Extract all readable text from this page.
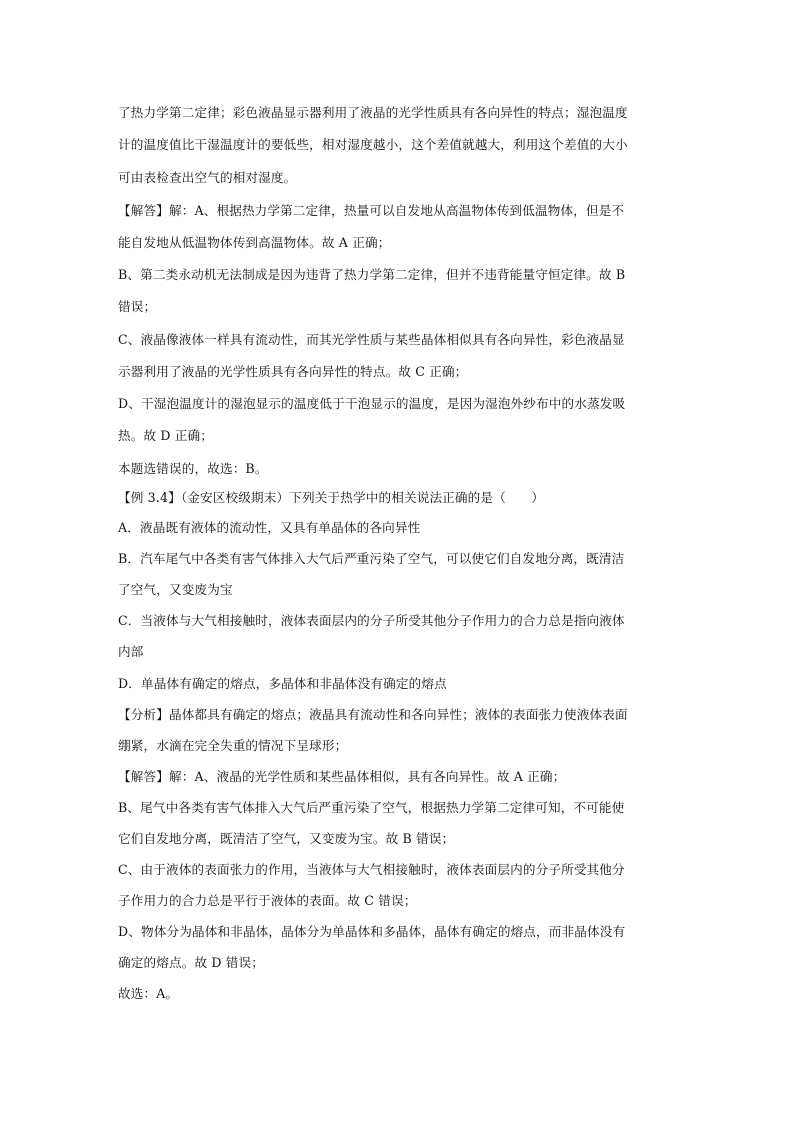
了热力学第二定律；彩色液晶显示器利用了液晶的光学性质具有各向异性的特点；湿泡温度
计的温度值比干湿温度计的要低些，相对湿度越小，这个差值就越大，利用这个差值的大小
可由表检查出空气的相对湿度。
【解答】解：A、根据热力学第二定律，热量可以自发地从高温物体传到低温物体，但是不
能自发地从低温物体传到高温物体。故 A 正确；
B、第二类永动机无法制成是因为违背了热力学第二定律，但并不违背能量守恒定律。故 B
错误；
C、液晶像液体一样具有流动性，而其光学性质与某些晶体相似具有各向异性，彩色液晶显
示器利用了液晶的光学性质具有各向异性的特点。故 C 正确；
D、干湿泡温度计的湿泡显示的温度低于干泡显示的温度，是因为湿泡外纱布中的水蒸发吸
热。故 D 正确；
本题选错误的，故选：B。
【例 3.4】（金安区校级期末）下列关于热学中的相关说法正确的是（　　）
A．液晶既有液体的流动性，又具有单晶体的各向异性
B．汽车尾气中各类有害气体排入大气后严重污染了空气，可以使它们自发地分离，既清洁
了空气，又变废为宝
C．当液体与大气相接触时，液体表面层内的分子所受其他分子作用力的合力总是指向液体
内部
D．单晶体有确定的熔点，多晶体和非晶体没有确定的熔点
【分析】晶体都具有确定的熔点；液晶具有流动性和各向异性；液体的表面张力使液体表面
绷紧，水滴在完全失重的情况下呈球形；
【解答】解：A、液晶的光学性质和某些晶体相似，具有各向异性。故 A 正确；
B、尾气中各类有害气体排入大气后严重污染了空气，根据热力学第二定律可知，不可能使
它们自发地分离，既清洁了空气，又变废为宝。故 B 错误；
C、由于液体的表面张力的作用，当液体与大气相接触时，液体表面层内的分子所受其他分
子作用力的合力总是平行于液体的表面。故 C 错误；
D、物体分为晶体和非晶体，晶体分为单晶体和多晶体，晶体有确定的熔点，而非晶体没有
确定的熔点。故 D 错误；
故选：A。
